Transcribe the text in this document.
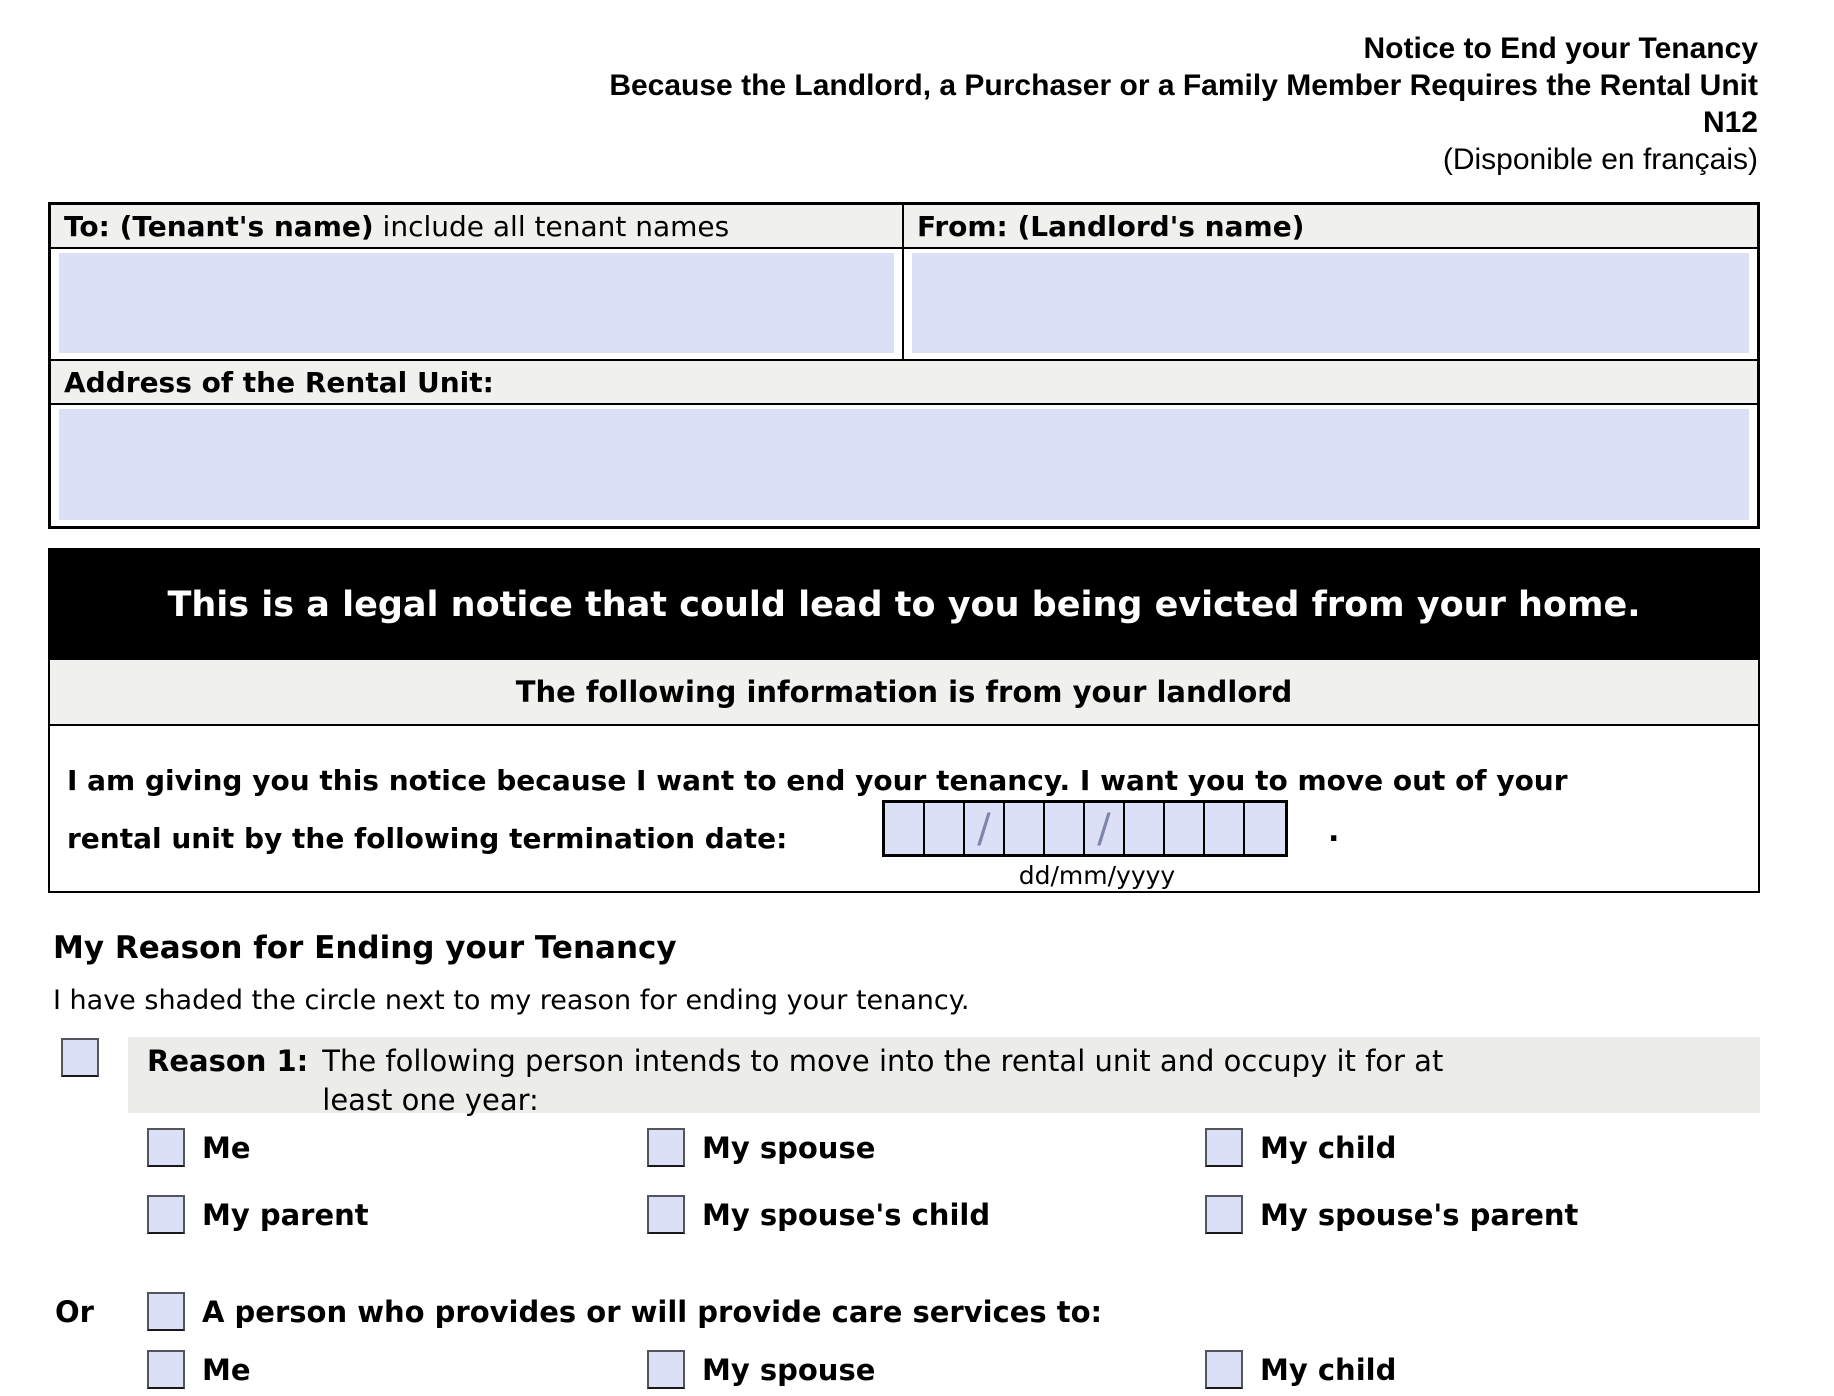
Notice to End your Tenancy
Because the Landlord, a Purchaser or a Family Member Requires the Rental Unit
N12
(Disponible en français)
To: (Tenant's name) include all tenant names	From: (Landlord's name)
Address of the Rental Unit:
This is a legal notice that could lead to you being evicted from your home.
The following information is from your landlord
I am giving you this notice because I want to end your tenancy. I want you to move out of your
rental unit by the following termination date:	/	/	.
dd/mm/yyyy
My Reason for Ending your Tenancy
I have shaded the circle next to my reason for ending your tenancy.
Reason 1: The following person intends to move into the rental unit and occupy it for at least one year:
Me	My spouse	My child
My parent	My spouse's child	My spouse's parent
Or	A person who provides or will provide care services to:
Me	My spouse	My child
